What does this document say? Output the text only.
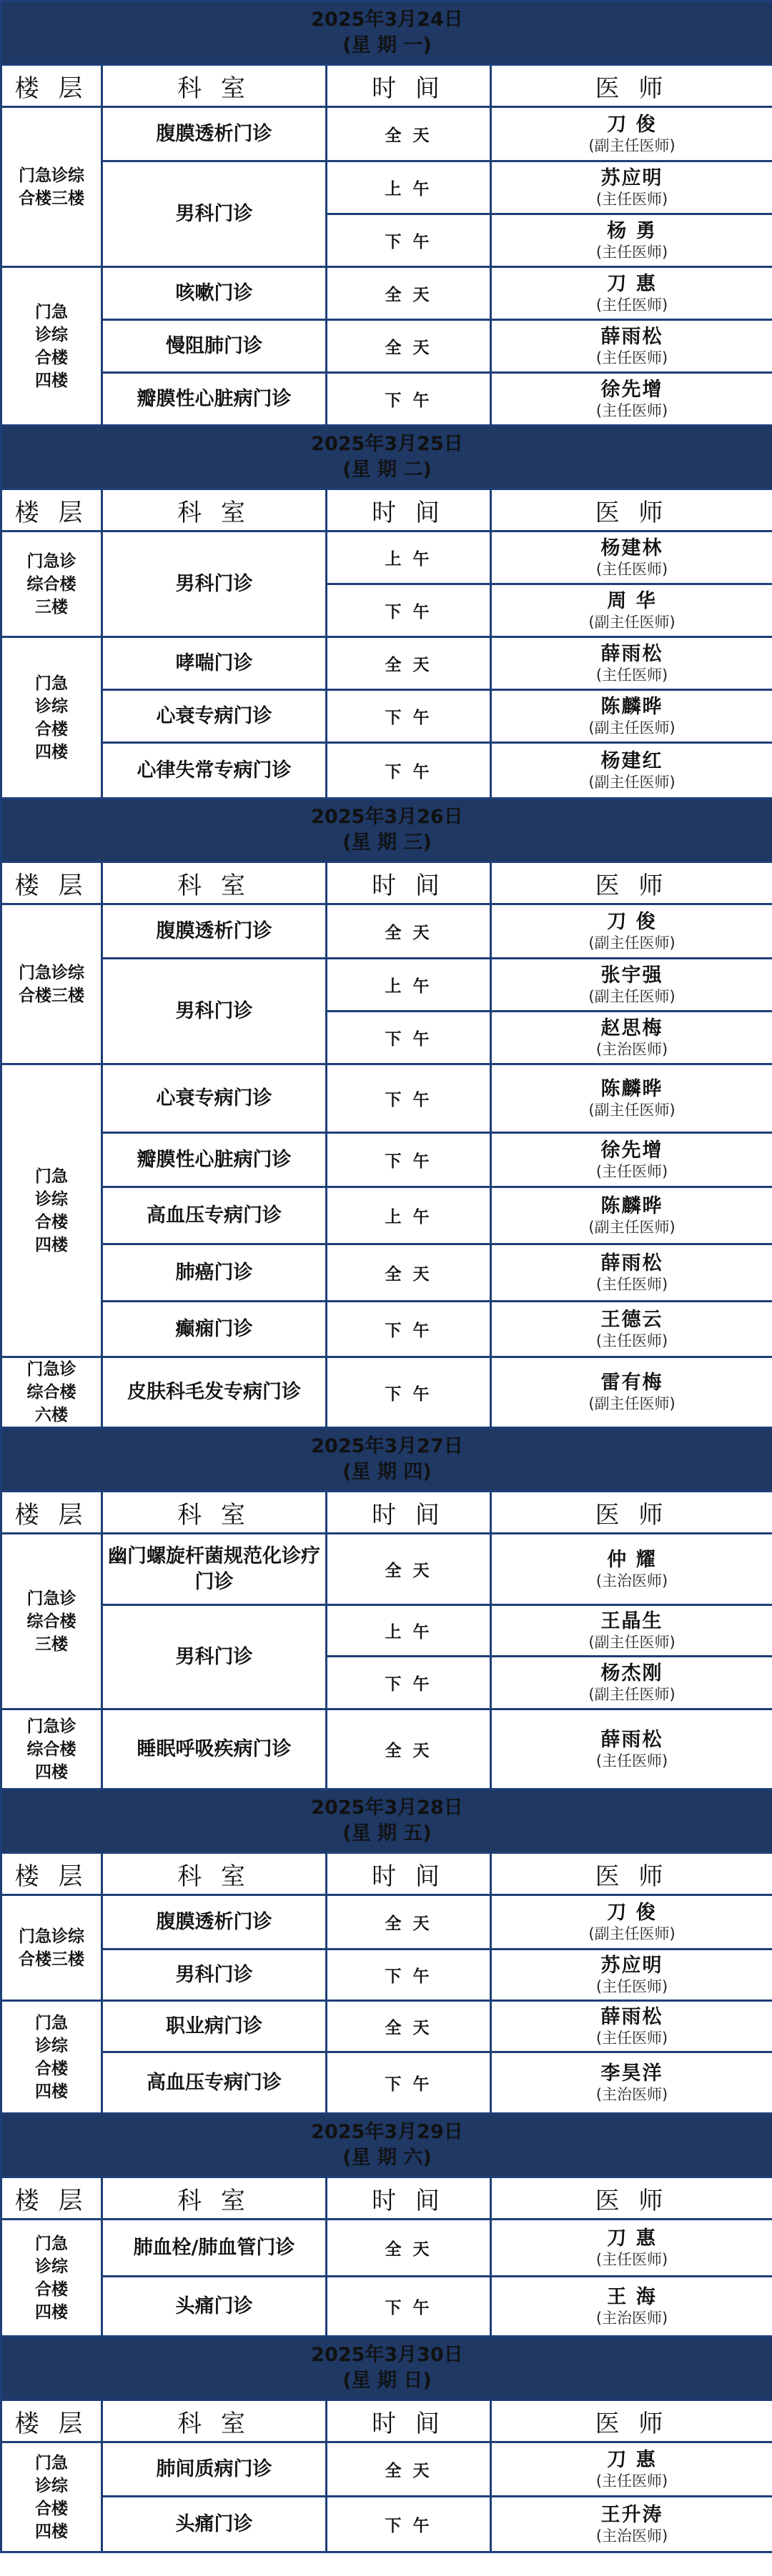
2025年3月24日
(星 期 一)			

楼 层	科 室	时 间	医 师
门急诊综
合楼三楼	腹膜透析门诊	全 天	刀 俊
(副主任医师)

	男科门诊	上 午	苏应明
(主任医师)

		下 午	杨 勇
(主任医师)

门急
诊综
合楼
四楼	咳嗽门诊	全 天	刀 惠
(主任医师)

	慢阻肺门诊	全 天	薛雨松
(主任医师)

	瓣膜性心脏病门诊	下 午	徐先增
(主任医师)

2025年3月25日
(星 期 二)			

楼 层	科 室	时 间	医 师
门急诊
综合楼
三楼	男科门诊	上 午	杨建林
(主任医师)

		下 午	周 华
(副主任医师)

门急
诊综
合楼
四楼	哮喘门诊	全 天	薛雨松
(主任医师)

	心衰专病门诊	下 午	陈麟晔
(副主任医师)

	心律失常专病门诊	下 午	杨建红
(副主任医师)

2025年3月26日
(星 期 三)			

楼 层	科 室	时 间	医 师
门急诊综
合楼三楼	腹膜透析门诊	全 天	刀 俊
(副主任医师)

	男科门诊	上 午	张宇强
(副主任医师)

		下 午	赵思梅
(主治医师)

门急
诊综
合楼
四楼	心衰专病门诊	下 午	陈麟晔
(副主任医师)

	瓣膜性心脏病门诊	下 午	徐先增
(主任医师)

	高血压专病门诊	上 午	陈麟晔
(副主任医师)

	肺癌门诊	全 天	薛雨松
(主任医师)

	癫痫门诊	下 午	王德云
(主任医师)

门急诊
综合楼
六楼	皮肤科毛发专病门诊	下 午	雷有梅
(副主任医师)

2025年3月27日
(星 期 四)			

楼 层	科 室	时 间	医 师
门急诊
综合楼
三楼	幽门螺旋杆菌规范化诊疗门诊	全 天	仲 耀
(主治医师)

	男科门诊	上 午	王晶生
(副主任医师)

		下 午	杨杰刚
(副主任医师)

门急诊
综合楼
四楼	睡眠呼吸疾病门诊	全 天	薛雨松
(主任医师)

2025年3月28日
(星 期 五)			

楼 层	科 室	时 间	医 师
门急诊综
合楼三楼	腹膜透析门诊	全 天	刀 俊
(副主任医师)

	男科门诊	下 午	苏应明
(主任医师)

门急
诊综
合楼
四楼	职业病门诊	全 天	薛雨松
(主任医师)

	高血压专病门诊	下 午	李昊洋
(主治医师)

2025年3月29日
(星 期 六)			

楼 层	科 室	时 间	医 师
门急
诊综
合楼
四楼	肺血栓/肺血管门诊	全 天	刀 惠
(主任医师)

	头痛门诊	下 午	王 海
(主治医师)

2025年3月30日
(星 期 日)			

楼 层	科 室	时 间	医 师
门急
诊综
合楼
四楼	肺间质病门诊	全 天	刀 惠
(主任医师)

	头痛门诊	下 午	王升涛
(主治医师)
